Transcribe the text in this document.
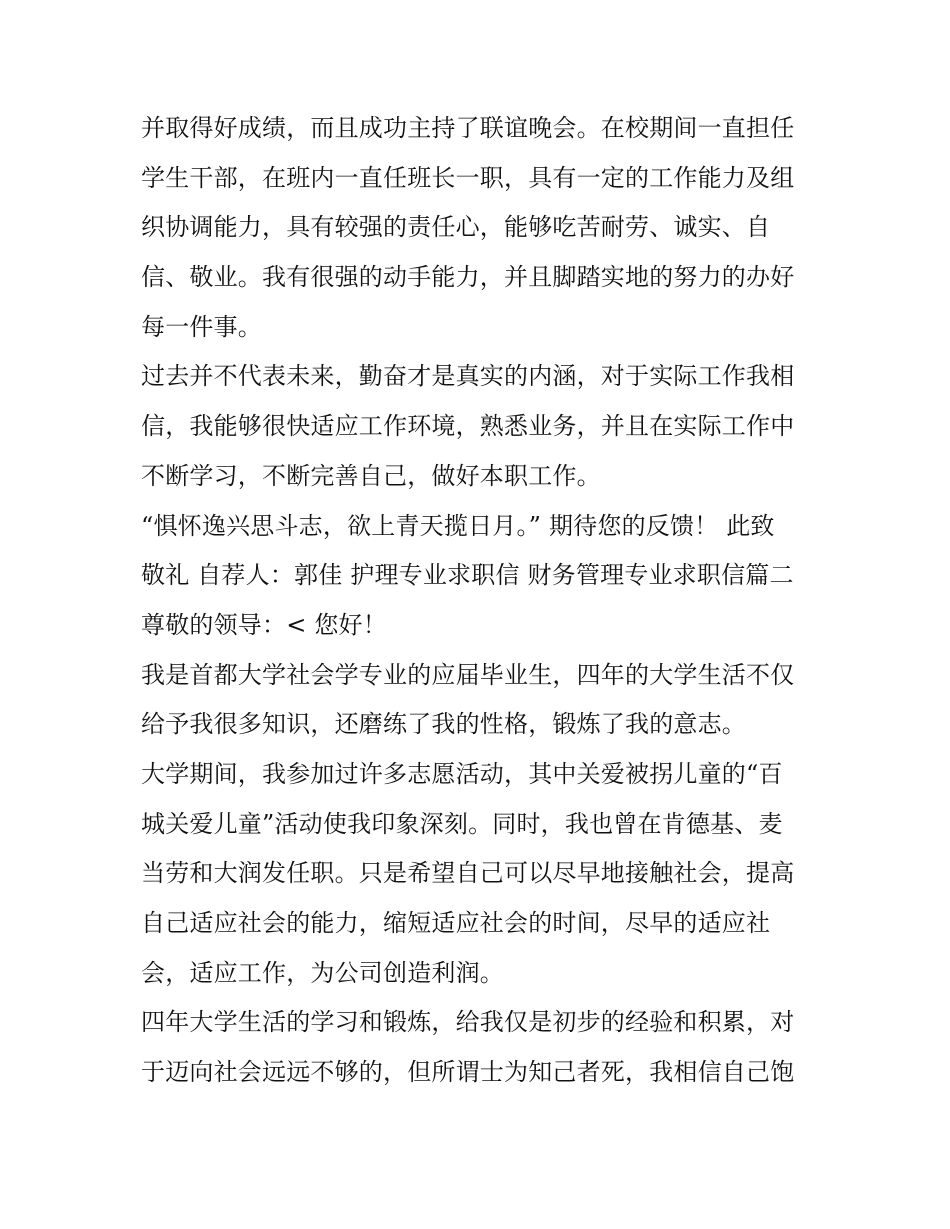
并取得好成绩，而且成功主持了联谊晚会。在校期间一直担任
学生干部，在班内一直任班长一职，具有一定的工作能力及组
织协调能力，具有较强的责任心，能够吃苦耐劳、诚实、自
信、敬业。我有很强的动手能力，并且脚踏实地的努力的办好
每一件事。
过去并不代表未来，勤奋才是真实的内涵，对于实际工作我相
信，我能够很快适应工作环境，熟悉业务，并且在实际工作中
不断学习，不断完善自己，做好本职工作。
“惧怀逸兴思斗志，欲上青天揽日月。” 期待您的反馈！ 此致
敬礼 自荐人：郭佳 护理专业求职信 财务管理专业求职信篇二
尊敬的领导：< 您好！
我是首都大学社会学专业的应届毕业生，四年的大学生活不仅
给予我很多知识，还磨练了我的性格，锻炼了我的意志。
大学期间，我参加过许多志愿活动，其中关爱被拐儿童的“百
城关爱儿童”活动使我印象深刻。同时，我也曾在肯德基、麦
当劳和大润发任职。只是希望自己可以尽早地接触社会，提高
自己适应社会的能力，缩短适应社会的时间，尽早的适应社
会，适应工作，为公司创造利润。
四年大学生活的学习和锻炼，给我仅是初步的经验和积累，对
于迈向社会远远不够的，但所谓士为知己者死，我相信自己饱
